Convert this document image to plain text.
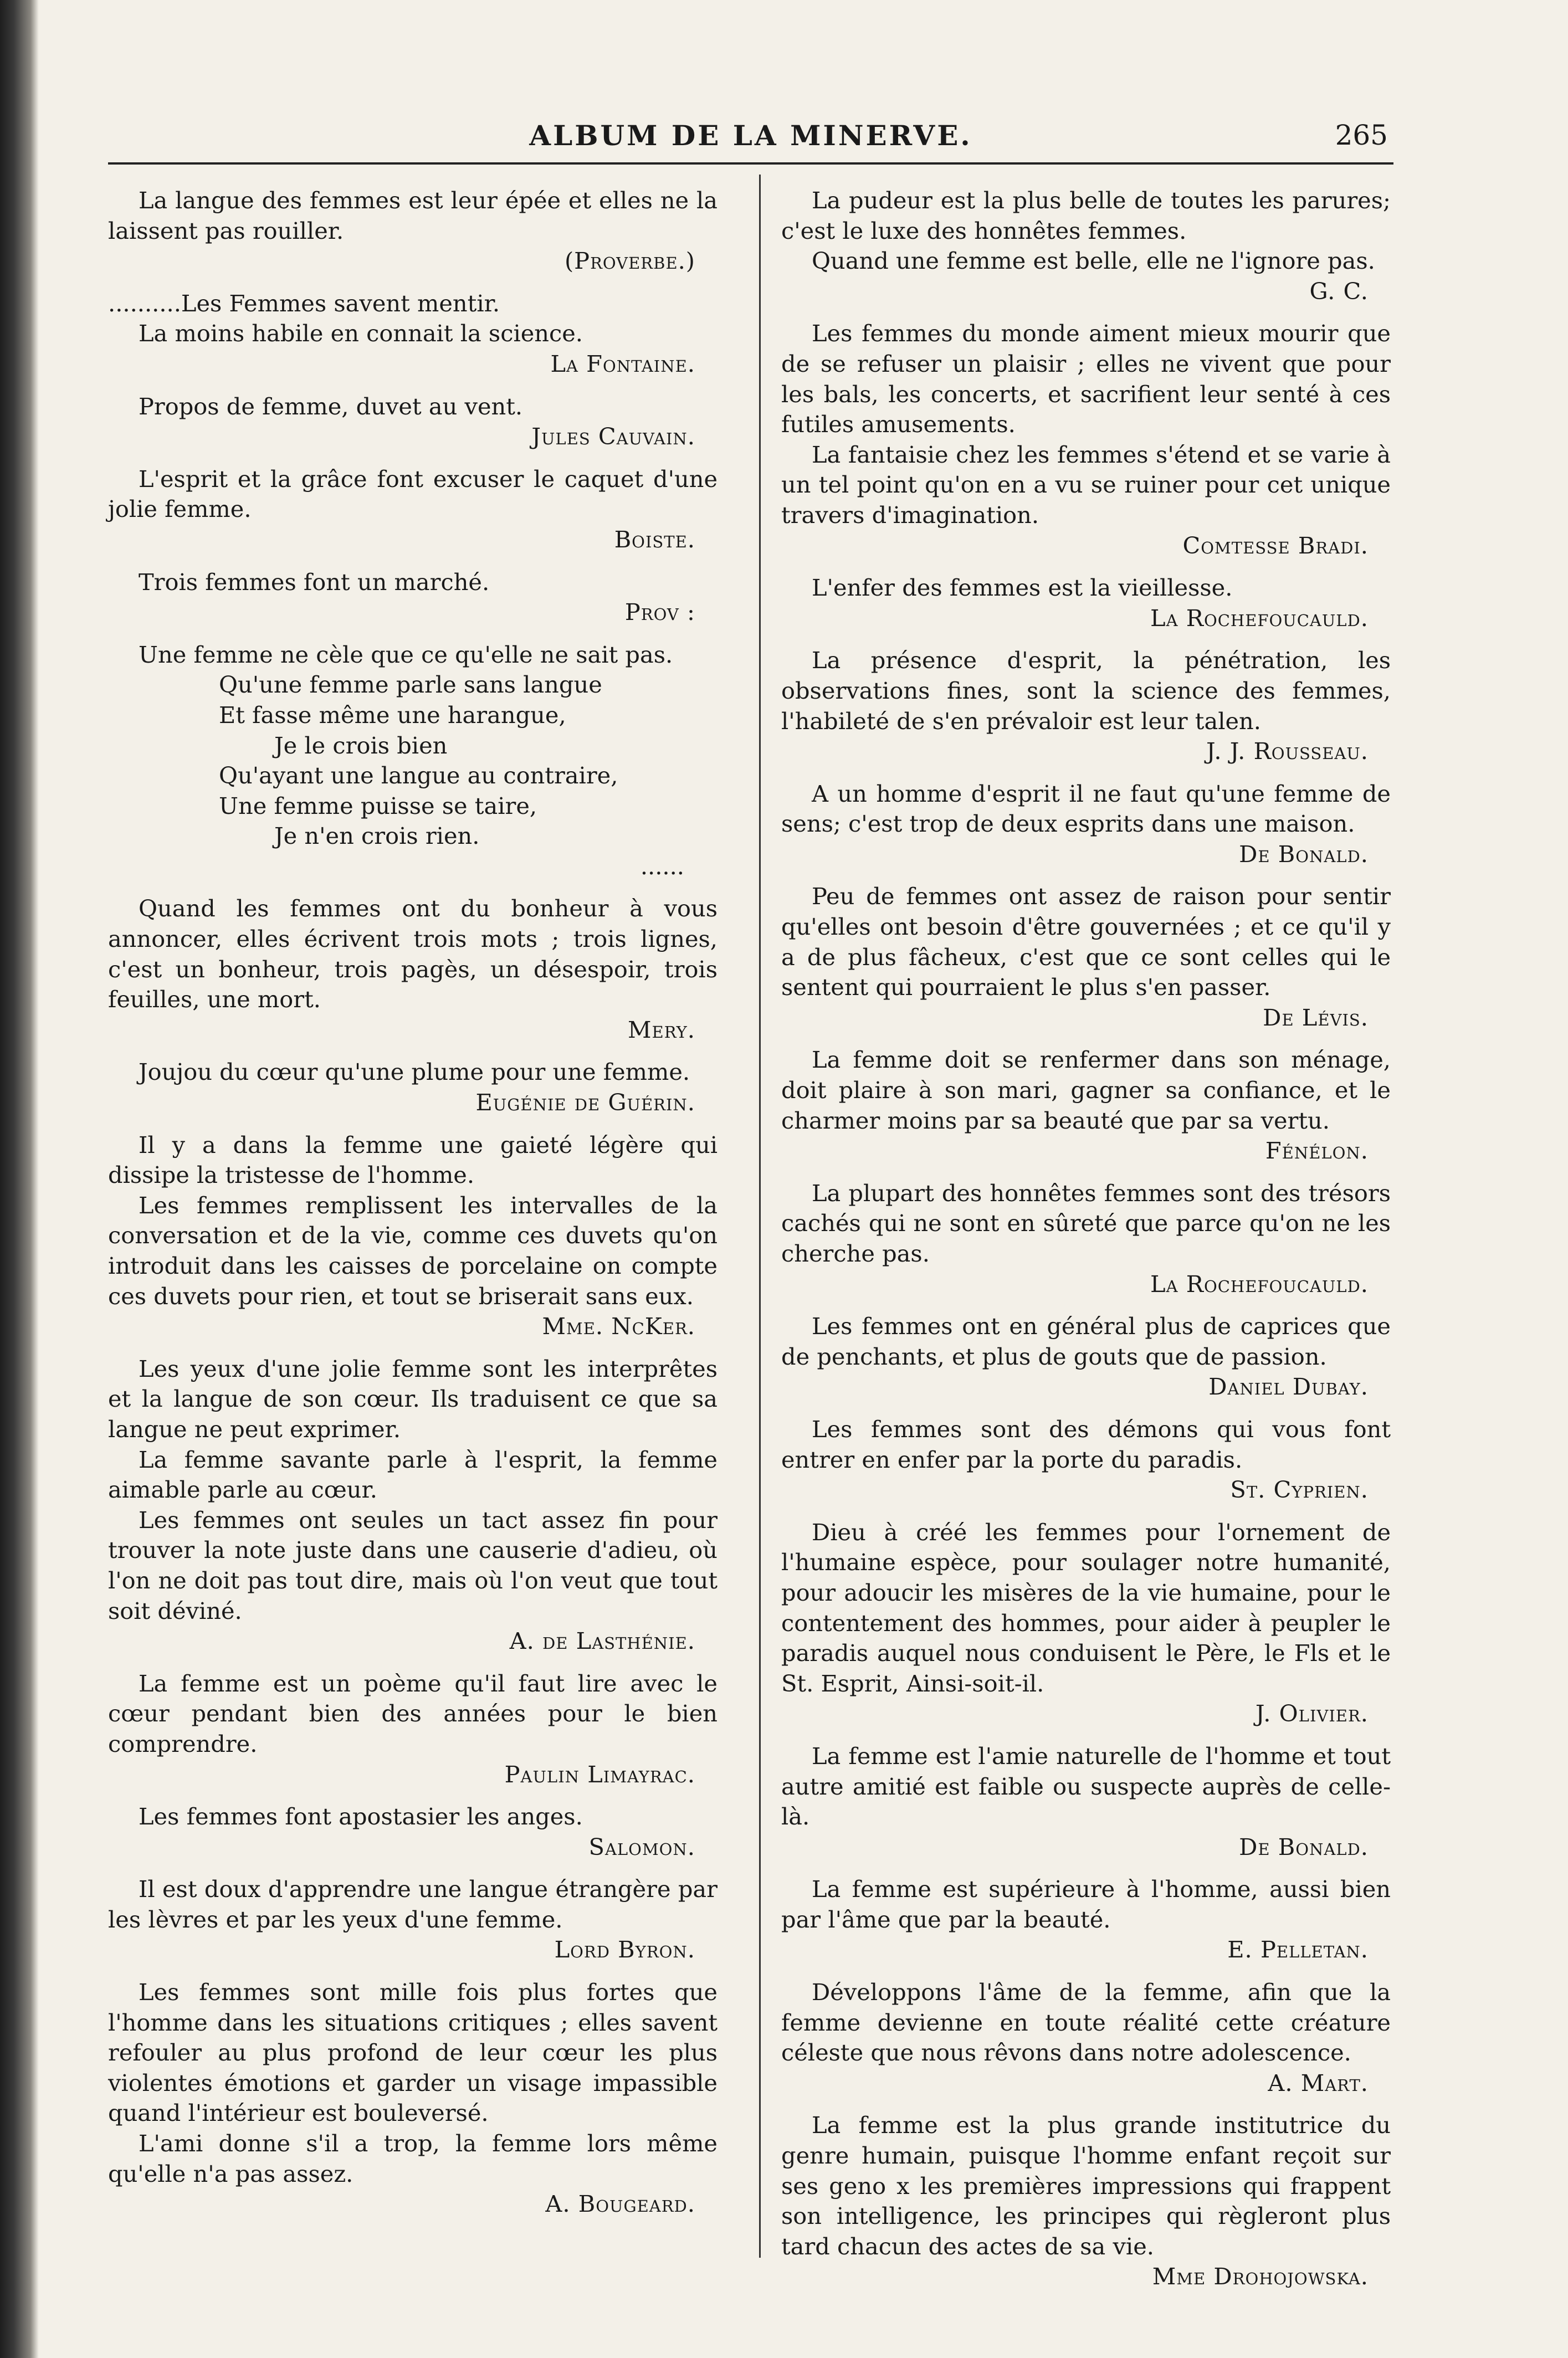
ALBUM DE LA MINERVE.	265

La langue des femmes est leur épée et elles ne la laissent pas rouiller.

(Proverbe.)

..........Les Femmes savent mentir.

La moins habile en connait la science.

La Fontaine.

Propos de femme, duvet au vent.

Jules Cauvain.

L'esprit et la grâce font excuser le caquet d'une jolie femme.

Boiste.

Trois femmes font un marché.

Prov :

Une femme ne cèle que ce qu'elle ne sait pas.

Qu'une femme parle sans langue

Et fasse même une harangue,

Je le crois bien

Qu'ayant une langue au contraire,

Une femme puisse se taire,

Je n'en crois rien.

......

Quand les femmes ont du bonheur à vous annoncer, elles écrivent trois mots ; trois lignes, c'est un bonheur, trois pagès, un désespoir, trois feuilles, une mort.

Mery.

Joujou du cœur qu'une plume pour une femme.

Eugénie de Guérin.

Il y a dans la femme une gaieté légère qui dissipe la tristesse de l'homme.

Les femmes remplissent les intervalles de la conversation et de la vie, comme ces duvets qu'on introduit dans les caisses de porcelaine on compte ces duvets pour rien, et tout se briserait sans eux.

Mme. NcKer.

Les yeux d'une jolie femme sont les interprêtes et la langue de son cœur. Ils traduisent ce que sa langue ne peut exprimer.

La femme savante parle à l'esprit, la femme aimable parle au cœur.

Les femmes ont seules un tact assez fin pour trouver la note juste dans une causerie d'adieu, où l'on ne doit pas tout dire, mais où l'on veut que tout soit déviné.

A. de Lasthénie.

La femme est un poème qu'il faut lire avec le cœur pendant bien des années pour le bien comprendre.

Paulin Limayrac.

Les femmes font apostasier les anges.

Salomon.

Il est doux d'apprendre une langue étrangère par les lèvres et par les yeux d'une femme.

Lord Byron.

Les femmes sont mille fois plus fortes que l'homme dans les situations critiques ; elles savent refouler au plus profond de leur cœur les plus violentes émotions et garder un visage impassible quand l'intérieur est bouleversé.

L'ami donne s'il a trop, la femme lors même qu'elle n'a pas assez.

A. Bougeard.

La pudeur est la plus belle de toutes les parures; c'est le luxe des honnêtes femmes.

Quand une femme est belle, elle ne l'ignore pas.

G. C.

Les femmes du monde aiment mieux mourir que de se refuser un plaisir ; elles ne vivent que pour les bals, les concerts, et sacrifient leur senté à ces futiles amusements.

La fantaisie chez les femmes s'étend et se varie à un tel point qu'on en a vu se ruiner pour cet unique travers d'imagination.

Comtesse Bradi.

L'enfer des femmes est la vieillesse.

La Rochefoucauld.

La présence d'esprit, la pénétration, les observations fines, sont la science des femmes, l'habileté de s'en prévaloir est leur talen.

J. J. Rousseau.

A un homme d'esprit il ne faut qu'une femme de sens; c'est trop de deux esprits dans une maison.

De Bonald.

Peu de femmes ont assez de raison pour sentir qu'elles ont besoin d'être gouvernées ; et ce qu'il y a de plus fâcheux, c'est que ce sont celles qui le sentent qui pourraient le plus s'en passer.

De Lévis.

La femme doit se renfermer dans son ménage, doit plaire à son mari, gagner sa confiance, et le charmer moins par sa beauté que par sa vertu.

Fénélon.

La plupart des honnêtes femmes sont des trésors cachés qui ne sont en sûreté que parce qu'on ne les cherche pas.

La Rochefoucauld.

Les femmes ont en général plus de caprices que de penchants, et plus de gouts que de passion.

Daniel Dubay.

Les femmes sont des démons qui vous font entrer en enfer par la porte du paradis.

St. Cyprien.

Dieu à créé les femmes pour l'ornement de l'humaine espèce, pour soulager notre humanité, pour adoucir les misères de la vie humaine, pour le contentement des hommes, pour aider à peupler le paradis auquel nous conduisent le Père, le Fls et le St. Esprit, Ainsi-soit-il.

J. Olivier.

La femme est l'amie naturelle de l'homme et tout autre amitié est faible ou suspecte auprès de celle-là.

De Bonald.

La femme est supérieure à l'homme, aussi bien par l'âme que par la beauté.

E. Pelletan.

Développons l'âme de la femme, afin que la femme devienne en toute réalité cette créature céleste que nous rêvons dans notre adolescence.

A. Mart.

La femme est la plus grande institutrice du genre humain, puisque l'homme enfant reçoit sur ses geno x les premières impressions qui frappent son intelligence, les principes qui règleront plus tard chacun des actes de sa vie.

Mme Drohojowska.
